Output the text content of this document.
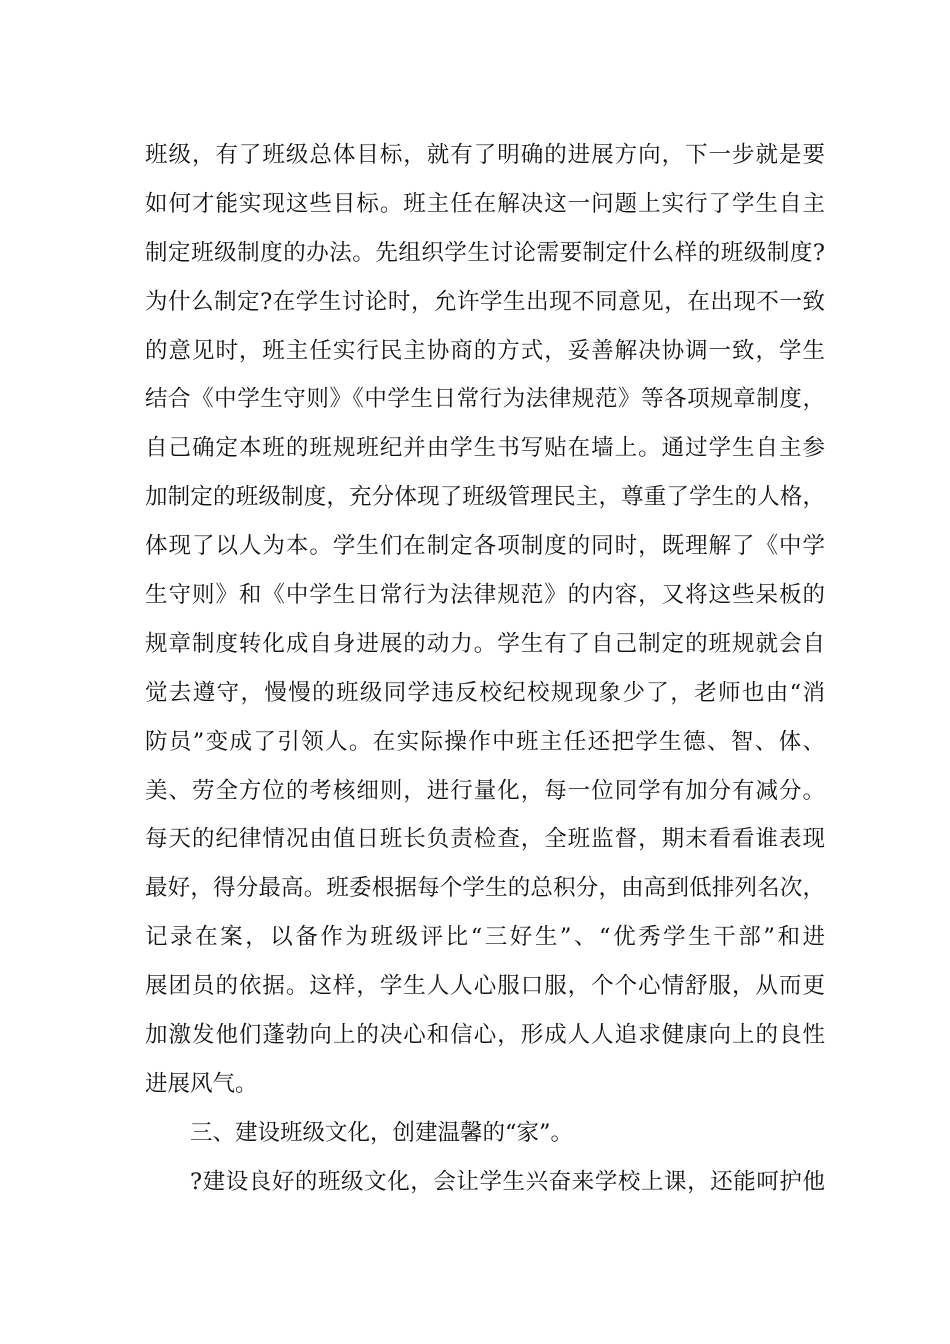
班级，有了班级总体目标，就有了明确的进展方向，下一步就是要
如何才能实现这些目标。班主任在解决这一问题上实行了学生自主
制定班级制度的办法。先组织学生讨论需要制定什么样的班级制度?
为什么制定?在学生讨论时，允许学生出现不同意见，在出现不一致
的意见时，班主任实行民主协商的方式，妥善解决协调一致，学生
结合《中学生守则》《中学生日常行为法律规范》等各项规章制度，
自己确定本班的班规班纪并由学生书写贴在墙上。通过学生自主参
加制定的班级制度，充分体现了班级管理民主，尊重了学生的人格，
体现了以人为本。学生们在制定各项制度的同时，既理解了《中学
生守则》和《中学生日常行为法律规范》的内容，又将这些呆板的
规章制度转化成自身进展的动力。学生有了自己制定的班规就会自
觉去遵守，慢慢的班级同学违反校纪校规现象少了，老师也由“消
防员”变成了引领人。在实际操作中班主任还把学生德、智、体、
美、劳全方位的考核细则，进行量化，每一位同学有加分有减分。
每天的纪律情况由值日班长负责检查，全班监督，期末看看谁表现
最好，得分最高。班委根据每个学生的总积分，由高到低排列名次，
记录在案，以备作为班级评比“三好生”、“优秀学生干部”和进
展团员的依据。这样，学生人人心服口服，个个心情舒服，从而更
加激发他们蓬勃向上的决心和信心，形成人人追求健康向上的良性
进展风气。
三、建设班级文化，创建温馨的“家”。
?建设良好的班级文化，会让学生兴奋来学校上课，还能呵护他
